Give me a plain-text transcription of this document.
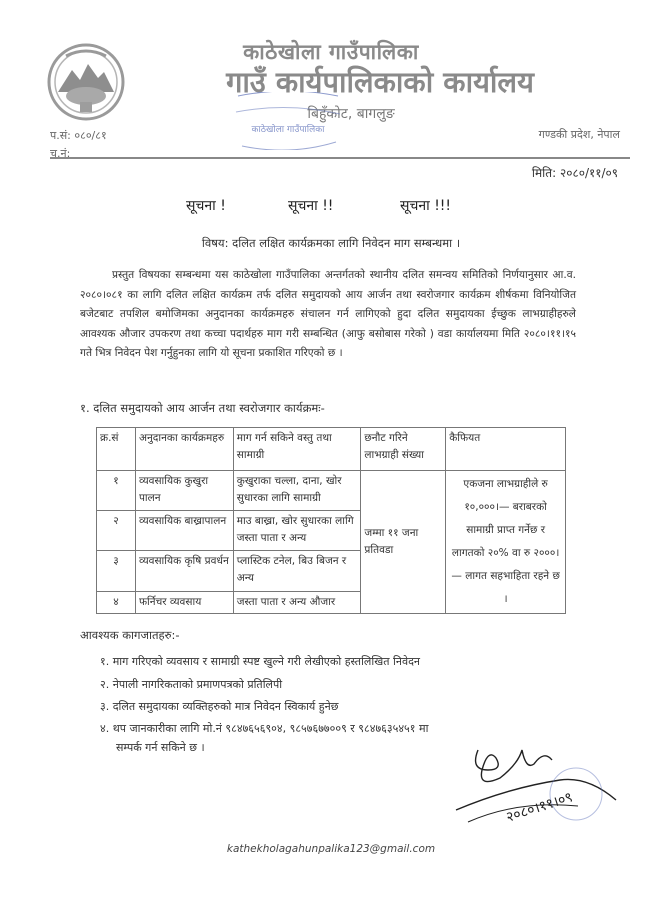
काठेखोला गाउँपालिका
गाउँ कार्यपालिकाको कार्यालय
बिहुँकोट, बागलुङ
काठेखोला गाउँपालिका
प.सं: ०८०/८१
च.नं:
गण्डकी प्रदेश, नेपाल
मिति: २०८०/११/०९
सूचना !	सूचना !!	सूचना !!!
विषय: दलित लक्षित कार्यक्रमका लागि निवेदन माग सम्बन्धमा ।
प्रस्तुत विषयका सम्बन्धमा यस काठेखोला गाउँपालिका अन्तर्गतको स्थानीय दलित समन्वय समितिको निर्णयानुसार आ.व. २०८०।०८१ का लागि दलित लक्षित कार्यक्रम तर्फ दलित समुदायको आय आर्जन तथा स्वरोजगार कार्यक्रम शीर्षकमा विनियोजित बजेटबाट तपशिल बमोजिमका अनुदानका कार्यक्रमहरु संचालन गर्न लागिएको हुदा दलित समुदायका ईच्छुक लाभग्राहीहरुले आवश्यक औजार उपकरण तथा कच्चा पदार्थहरु माग गरी सम्बन्धित (आफु बसोबास गरेको ) वडा कार्यालयमा मिति २०८०।११।१५ गते भित्र निवेदन पेश गर्नुहुनका लागि यो सूचना प्रकाशित गरिएको छ ।
१. दलित समुदायको आय आर्जन तथा स्वरोजगार कार्यक्रमः-
क्र.सं	अनुदानका कार्यक्रमहरु	माग गर्न सकिने वस्तु तथा सामाग्री	छनौट गरिने लाभग्राही संख्या	कैफियत
१	व्यवसायिक कुखुरा पालन	कुखुराका चल्ला, दाना, खोर सुधारका लागि सामाग्री	जम्मा ११ जना प्रतिवडा	एकजना लाभग्राहीले रु १०,०००।— बराबरको सामाग्री प्राप्त गर्नेछ र लागतको २०% वा रु २०००।— लागत सहभाहिता रहने छ ।
२	व्यवसायिक बाख्रापालन	माउ बाख्रा, खोर सुधारका लागि जस्ता पाता र अन्य		
३	व्यवसायिक कृषि प्रवर्धन	प्लास्टिक टनेल, बिउ बिजन र अन्य		
४	फर्निचर व्यवसाय	जस्ता पाता र अन्य औजार		
आवश्यक कागजातहरु:-
१. माग गरिएको व्यवसाय र सामाग्री स्पष्ट खुल्ने गरी लेखीएको हस्तलिखित निवेदन
२. नेपाली नागरिकताको प्रमाणपत्रको प्रतिलिपी
३. दलित समुदायका व्यक्तिहरुको मात्र निवेदन स्विकार्य हुनेछ
४. थप जानकारीका लागि मो.नं ९८४७६५६९०४, ९८५७६७७००९ र ९८४७६३५४५१ मा
सम्पर्क गर्न सकिने छ ।
२०८०।११।०९
kathekholagahunpalika123@gmail.com
